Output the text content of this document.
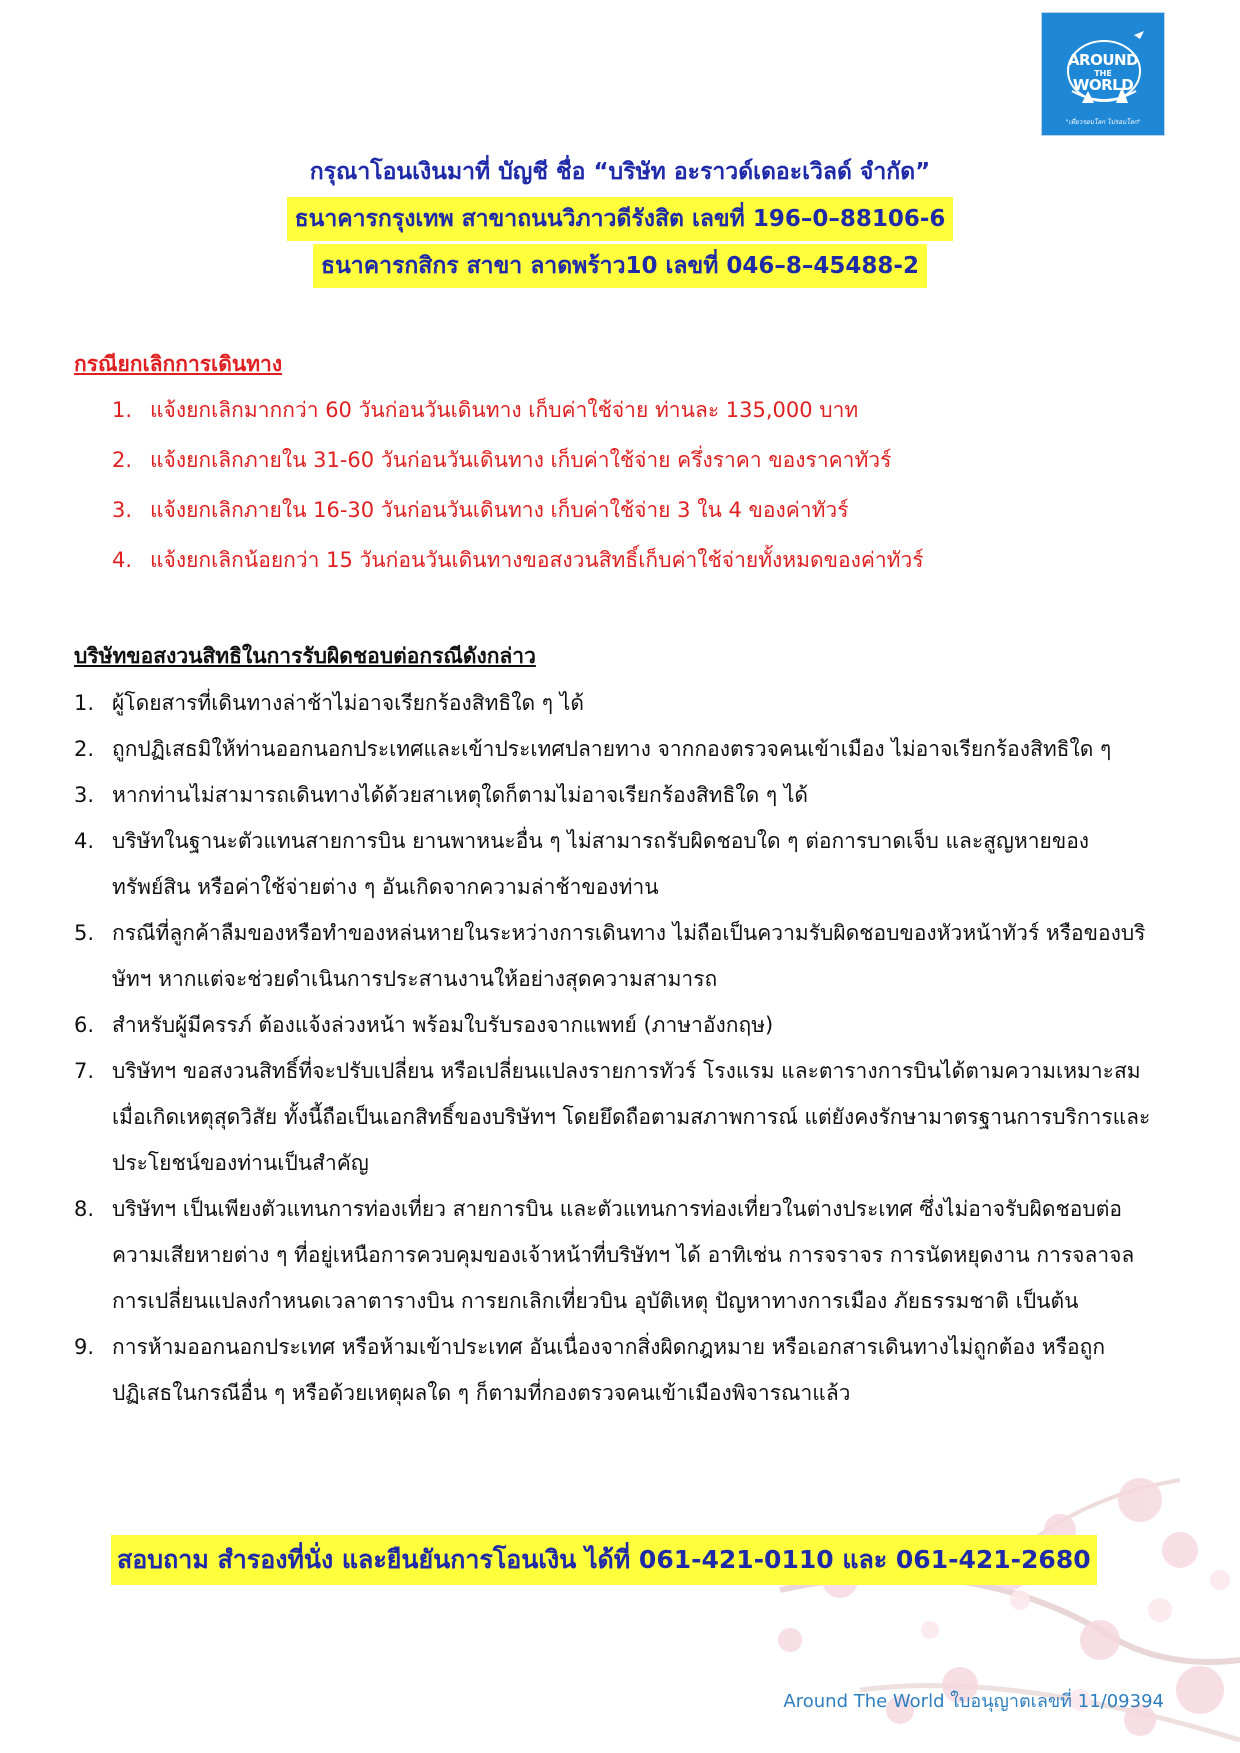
AROUND
THE
WORLD
"เที่ยวรอบโลก ไปรอบโลก"
กรุณาโอนเงินมาที่ บัญชี ชื่อ “บริษัท อะราวด์เดอะเวิลด์ จำกัด”
ธนาคารกรุงเทพ สาขาถนนวิภาวดีรังสิต เลขที่ 196–0–88106-6
ธนาคารกสิกร สาขา ลาดพร้าว10 เลขที่ 046–8–45488-2
กรณียกเลิกการเดินทาง
1. แจ้งยกเลิกมากกว่า 60 วันก่อนวันเดินทาง เก็บค่าใช้จ่าย ท่านละ 135,000 บาท
2. แจ้งยกเลิกภายใน 31-60 วันก่อนวันเดินทาง เก็บค่าใช้จ่าย ครึ่งราคา ของราคาทัวร์
3. แจ้งยกเลิกภายใน 16-30 วันก่อนวันเดินทาง เก็บค่าใช้จ่าย 3 ใน 4 ของค่าทัวร์
4. แจ้งยกเลิกน้อยกว่า 15 วันก่อนวันเดินทางขอสงวนสิทธิ์เก็บค่าใช้จ่ายทั้งหมดของค่าทัวร์
บริษัทขอสงวนสิทธิในการรับผิดชอบต่อกรณีดังกล่าว
1. ผู้โดยสารที่เดินทางล่าช้าไม่อาจเรียกร้องสิทธิใด ๆ ได้
2. ถูกปฏิเสธมิให้ท่านออกนอกประเทศและเข้าประเทศปลายทาง จากกองตรวจคนเข้าเมือง ไม่อาจเรียกร้องสิทธิใด ๆ
3. หากท่านไม่สามารถเดินทางได้ด้วยสาเหตุใดก็ตามไม่อาจเรียกร้องสิทธิใด ๆ ได้
4. บริษัทในฐานะตัวแทนสายการบิน ยานพาหนะอื่น ๆ ไม่สามารถรับผิดชอบใด ๆ ต่อการบาดเจ็บ และสูญหายของทรัพย์สิน หรือค่าใช้จ่ายต่าง ๆ อันเกิดจากความล่าช้าของท่าน
5. กรณีที่ลูกค้าลืมของหรือทำของหล่นหายในระหว่างการเดินทาง ไม่ถือเป็นความรับผิดชอบของหัวหน้าทัวร์ หรือของบริษัทฯ หากแต่จะช่วยดำเนินการประสานงานให้อย่างสุดความสามารถ
6. สำหรับผู้มีครรภ์ ต้องแจ้งล่วงหน้า พร้อมใบรับรองจากแพทย์ (ภาษาอังกฤษ)
7. บริษัทฯ ขอสงวนสิทธิ์ที่จะปรับเปลี่ยน หรือเปลี่ยนแปลงรายการทัวร์ โรงแรม และตารางการบินได้ตามความเหมาะสมเมื่อเกิดเหตุสุดวิสัย ทั้งนี้ถือเป็นเอกสิทธิ์ของบริษัทฯ โดยยึดถือตามสภาพการณ์ แต่ยังคงรักษามาตรฐานการบริการและประโยชน์ของท่านเป็นสำคัญ
8. บริษัทฯ เป็นเพียงตัวแทนการท่องเที่ยว สายการบิน และตัวแทนการท่องเที่ยวในต่างประเทศ ซึ่งไม่อาจรับผิดชอบต่อความเสียหายต่าง ๆ ที่อยู่เหนือการควบคุมของเจ้าหน้าที่บริษัทฯ ได้ อาทิเช่น การจราจร การนัดหยุดงาน การจลาจล การเปลี่ยนแปลงกำหนดเวลาตารางบิน การยกเลิกเที่ยวบิน อุบัติเหตุ ปัญหาทางการเมือง ภัยธรรมชาติ เป็นต้น
9. การห้ามออกนอกประเทศ หรือห้ามเข้าประเทศ อันเนื่องจากสิ่งผิดกฎหมาย หรือเอกสารเดินทางไม่ถูกต้อง หรือถูกปฏิเสธในกรณีอื่น ๆ หรือด้วยเหตุผลใด ๆ ก็ตามที่กองตรวจคนเข้าเมืองพิจารณาแล้ว
สอบถาม สำรองที่นั่ง และยืนยันการโอนเงิน ได้ที่ 061-421-0110 และ 061-421-2680
Around The World ใบอนุญาตเลขที่ 11/09394
